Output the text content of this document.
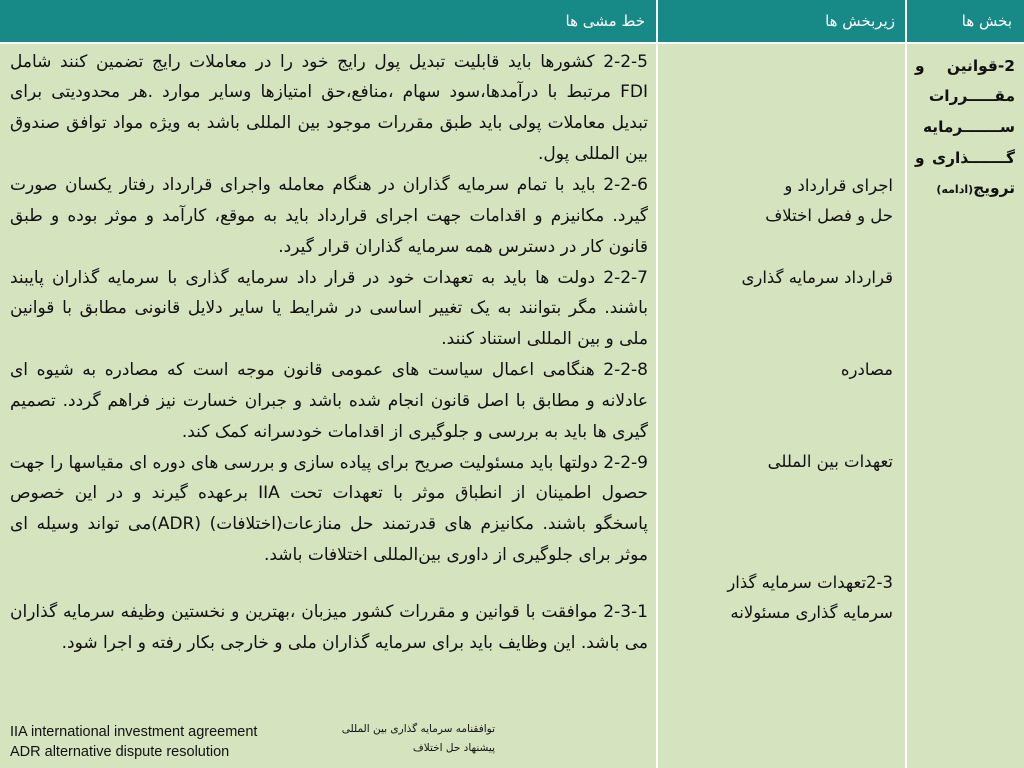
بخش ها
زیربخش ها
خط مشی ها
2-قوانین و
مقـــــررات
ســـــــرمایه
گـــــــذاری و
ترویج(ادامه)
اجرای قرارداد و
حل و فصل اختلاف
قرارداد سرمایه گذاری
مصادره
تعهدات بین المللی
2-3تعهدات سرمایه گذار
سرمایه گذاری مسئولانه
2-2-5 کشورها باید قابلیت تبدیل پول رایج خود را در معاملات رایج تضمین کنند شامل
FDI مرتبط با درآمدها،سود سهام ،منافع،حق امتیازها وسایر موارد .هر محدودیتی برای
تبدیل معاملات پولی باید طبق مقررات موجود بین المللی باشد به ویژه مواد توافق صندوق
بین المللی پول.
2-2-6 باید با تمام سرمایه گذاران در هنگام معامله واجرای قرارداد رفتار یکسان صورت
گیرد. مکانیزم و اقدامات جهت اجرای قرارداد باید به موقع، کارآمد و موثر بوده و طبق
قانون کار در دسترس همه سرمایه گذاران قرار گیرد.
2-2-7 دولت ها باید به تعهدات خود در قرار داد سرمایه گذاری با سرمایه گذاران پایبند
باشند. مگر بتوانند به یک تغییر اساسی در شرایط یا سایر دلایل قانونی مطابق با قوانین
ملی و بین المللی استناد کنند.
2-2-8 هنگامی اعمال سیاست های عمومی قانون موجه است که مصادره به شیوه ای
عادلانه و مطابق با اصل قانون انجام شده باشد و جبران خسارت نیز فراهم گردد. تصمیم
گیری ها باید به بررسی و جلوگیری از اقدامات خودسرانه کمک کند.
2-2-9 دولتها باید مسئولیت صریح برای پیاده سازی و بررسی های دوره ای مقیاسها را جهت
حصول اطمینان از انطباق موثر با تعهدات تحت IIA برعهده گیرند و در این خصوص
پاسخگو باشند. مکانیزم های قدرتمند حل منازعات(اختلافات) (ADR)می تواند وسیله ای
موثر برای جلوگیری از داوری بین‌المللی اختلافات باشد.
2-3-1 موافقت با قوانین و مقررات کشور میزبان ،بهترین و نخستین وظیفه سرمایه گذاران
می باشد. این وظایف باید برای سرمایه گذاران ملی و خارجی بکار رفته و اجرا شود.
IIA international investment agreement
ADR alternative dispute resolution
توافقنامه سرمایه گذاری بین المللی
پیشنهاد حل اختلاف
